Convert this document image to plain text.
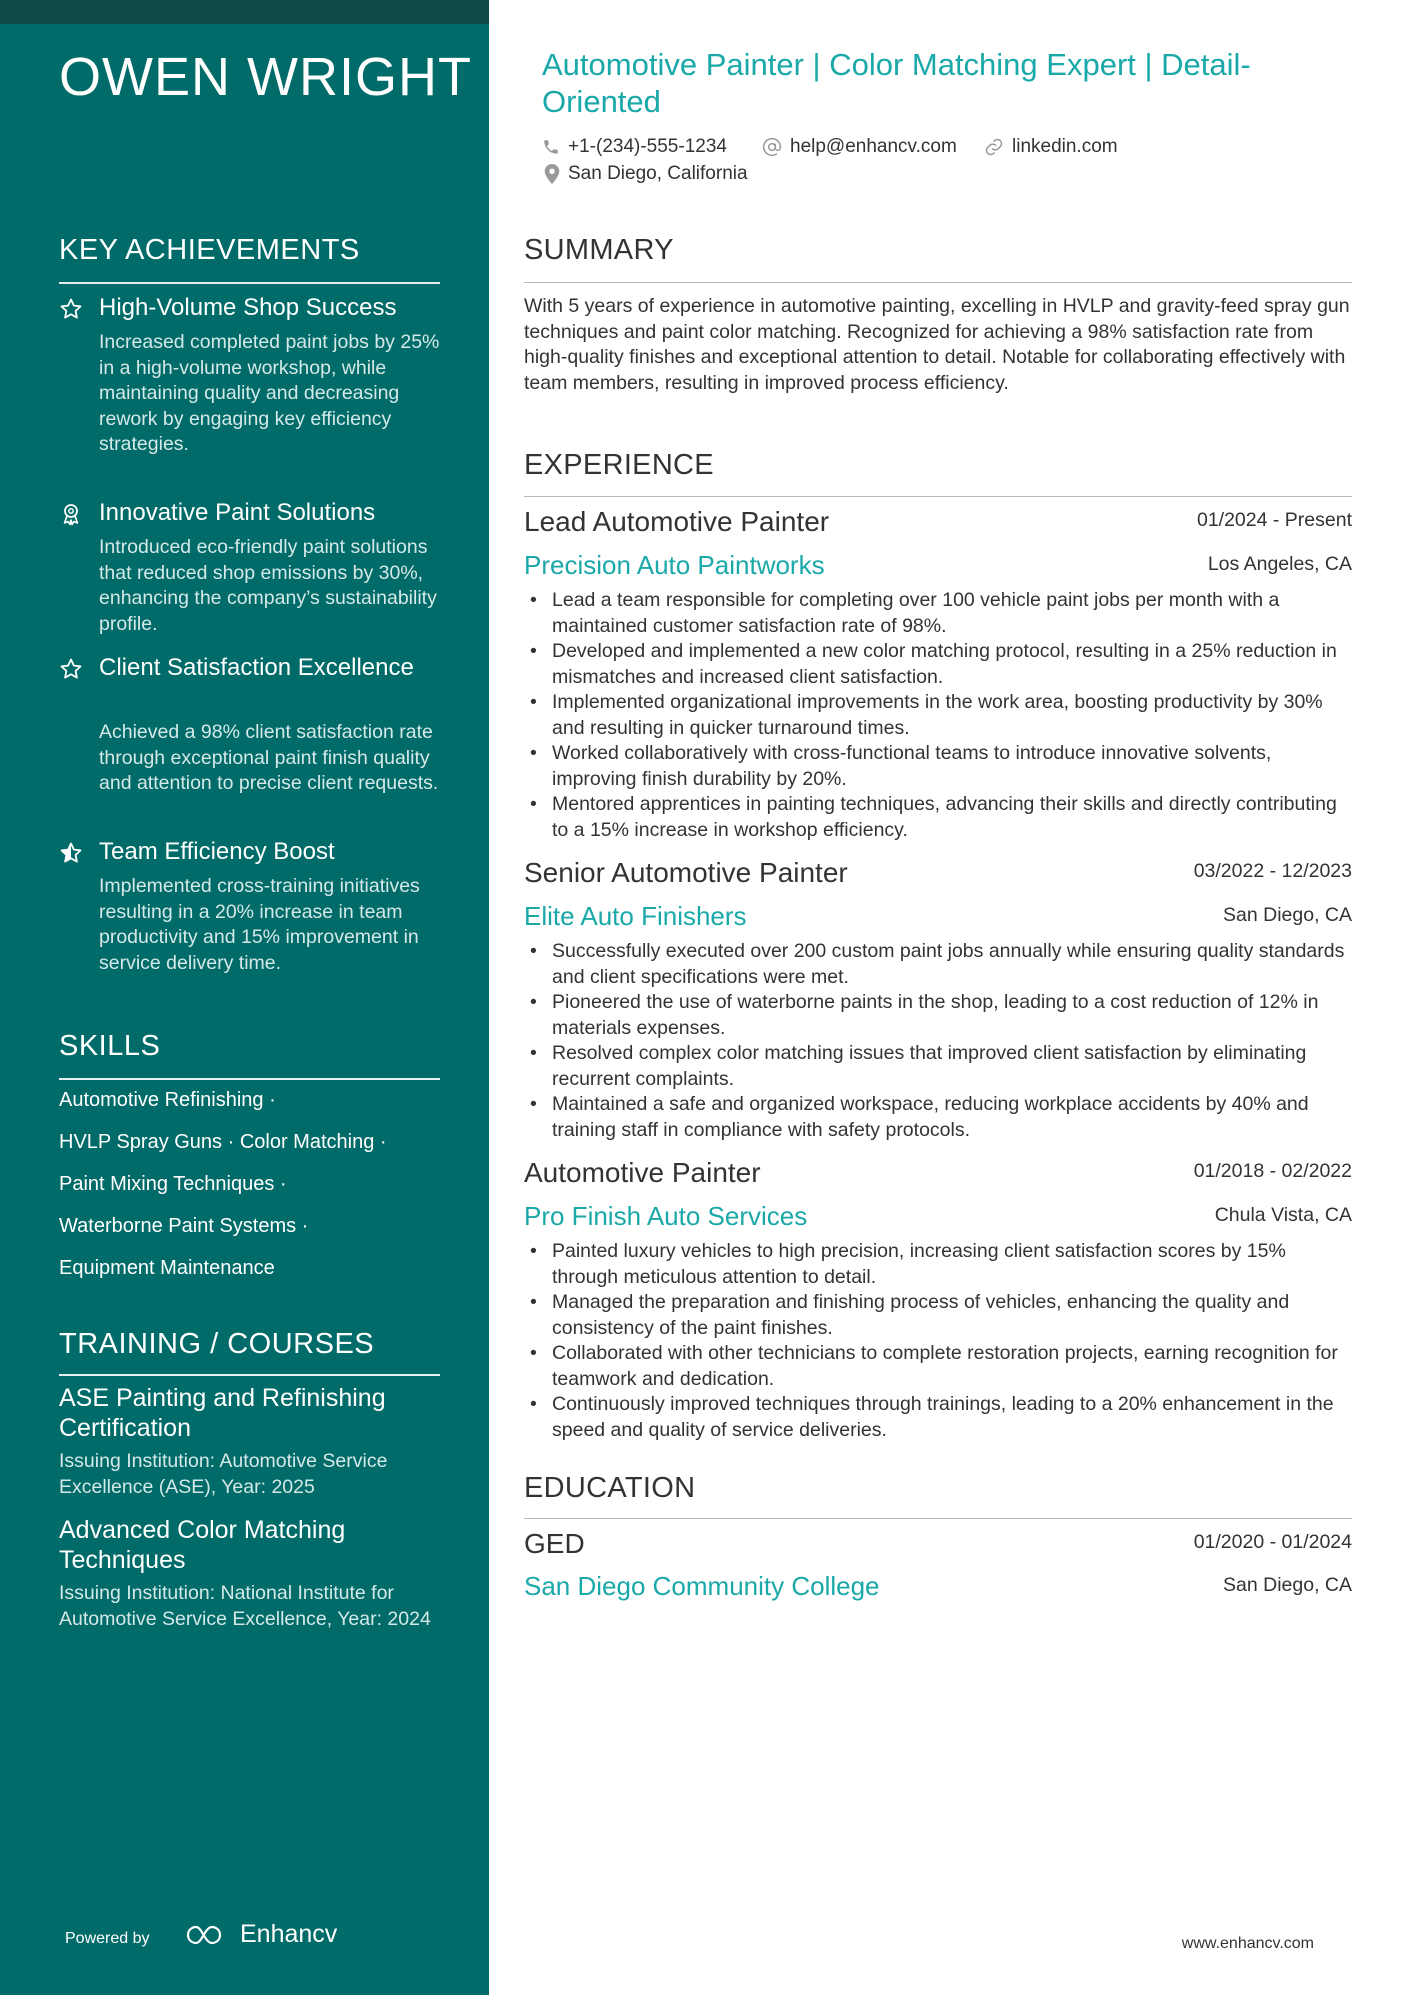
OWEN WRIGHT
KEY ACHIEVEMENTS
High-Volume Shop Success
Increased completed paint jobs by 25% in a high-volume workshop, while maintaining quality and decreasing rework by engaging key efficiency strategies.
Innovative Paint Solutions
Introduced eco-friendly paint solutions that reduced shop emissions by 30%, enhancing the company’s sustainability profile.
Client Satisfaction Excellence
Achieved a 98% client satisfaction rate through exceptional paint finish quality and attention to precise client requests.
Team Efficiency Boost
Implemented cross-training initiatives resulting in a 20% increase in team productivity and 15% improvement in service delivery time.
SKILLS
Automotive Refinishing ·
HVLP Spray Guns · Color Matching ·
Paint Mixing Techniques ·
Waterborne Paint Systems ·
Equipment Maintenance
TRAINING / COURSES
ASE Painting and Refinishing Certification
Issuing Institution: Automotive Service Excellence (ASE), Year: 2025
Advanced Color Matching Techniques
Issuing Institution: National Institute for Automotive Service Excellence, Year: 2024
Powered by	Enhancv
Automotive Painter | Color Matching Expert | Detail-Oriented
+1-(234)-555-1234	help@enhancv.com	linkedin.com
San Diego, California
SUMMARY
With 5 years of experience in automotive painting, excelling in HVLP and gravity-feed spray gun techniques and paint color matching. Recognized for achieving a 98% satisfaction rate from high-quality finishes and exceptional attention to detail. Notable for collaborating effectively with team members, resulting in improved process efficiency.
EXPERIENCE
Lead Automotive Painter	01/2024 - Present
Precision Auto Paintworks	Los Angeles, CA
• Lead a team responsible for completing over 100 vehicle paint jobs per month with a maintained customer satisfaction rate of 98%.
• Developed and implemented a new color matching protocol, resulting in a 25% reduction in mismatches and increased client satisfaction.
• Implemented organizational improvements in the work area, boosting productivity by 30% and resulting in quicker turnaround times.
• Worked collaboratively with cross-functional teams to introduce innovative solvents, improving finish durability by 20%.
• Mentored apprentices in painting techniques, advancing their skills and directly contributing to a 15% increase in workshop efficiency.
Senior Automotive Painter	03/2022 - 12/2023
Elite Auto Finishers	San Diego, CA
• Successfully executed over 200 custom paint jobs annually while ensuring quality standards and client specifications were met.
• Pioneered the use of waterborne paints in the shop, leading to a cost reduction of 12% in materials expenses.
• Resolved complex color matching issues that improved client satisfaction by eliminating recurrent complaints.
• Maintained a safe and organized workspace, reducing workplace accidents by 40% and training staff in compliance with safety protocols.
Automotive Painter	01/2018 - 02/2022
Pro Finish Auto Services	Chula Vista, CA
• Painted luxury vehicles to high precision, increasing client satisfaction scores by 15% through meticulous attention to detail.
• Managed the preparation and finishing process of vehicles, enhancing the quality and consistency of the paint finishes.
• Collaborated with other technicians to complete restoration projects, earning recognition for teamwork and dedication.
• Continuously improved techniques through trainings, leading to a 20% enhancement in the speed and quality of service deliveries.
EDUCATION
GED	01/2020 - 01/2024
San Diego Community College	San Diego, CA
www.enhancv.com
